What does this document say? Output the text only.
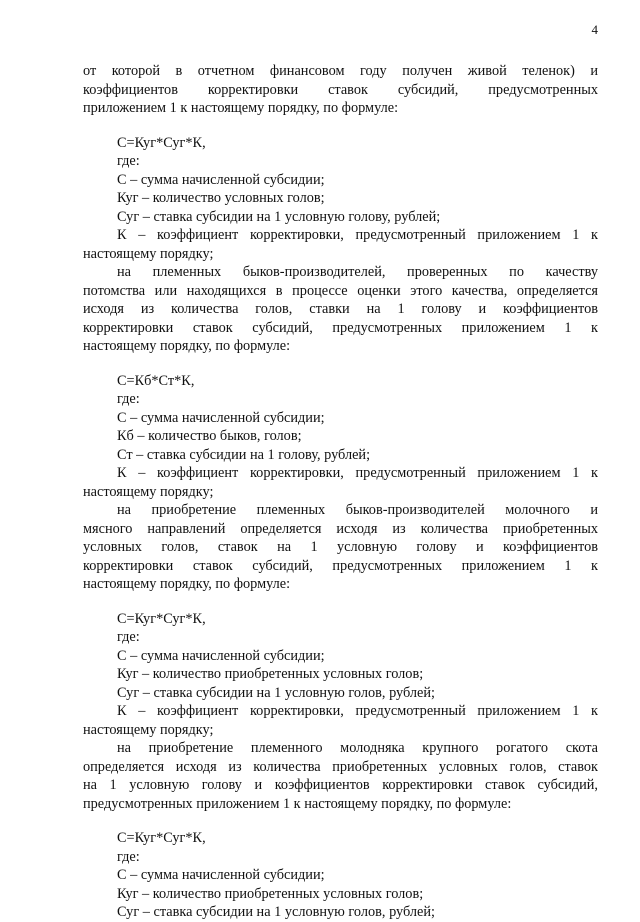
4

от которой в отчетном финансовом году получен живой теленок) и

коэффициентов корректировки ставок субсидий, предусмотренных

приложением 1 к настоящему порядку, по формуле:

С=Куг*Суг*К,

где:

С – сумма начисленной субсидии;

Куг – количество условных голов;

Суг – ставка субсидии на 1 условную голову, рублей;

К – коэффициент корректировки, предусмотренный приложением 1 к

настоящему порядку;

на племенных быков-производителей, проверенных по качеству

потомства или находящихся в процессе оценки этого качества, определяется

исходя из количества голов, ставки на 1 голову и коэффициентов

корректировки ставок субсидий, предусмотренных приложением 1 к

настоящему порядку, по формуле:

С=Кб*Ст*К,

где:

С – сумма начисленной субсидии;

Кб – количество быков, голов;

Ст – ставка субсидии на 1 голову, рублей;

К – коэффициент корректировки, предусмотренный приложением 1 к

настоящему порядку;

на приобретение племенных быков-производителей молочного и

мясного направлений определяется исходя из количества приобретенных

условных голов, ставок на 1 условную голову и коэффициентов

корректировки ставок субсидий, предусмотренных приложением 1 к

настоящему порядку, по формуле:

С=Куг*Суг*К,

где:

С – сумма начисленной субсидии;

Куг – количество приобретенных условных голов;

Суг – ставка субсидии на 1 условную голов, рублей;

К – коэффициент корректировки, предусмотренный приложением 1 к

настоящему порядку;

на приобретение племенного молодняка крупного рогатого скота

определяется исходя из количества приобретенных условных голов, ставок

на 1 условную голову и коэффициентов корректировки ставок субсидий,

предусмотренных приложением 1 к настоящему порядку, по формуле:

С=Куг*Суг*К,

где:

С – сумма начисленной субсидии;

Куг – количество приобретенных условных голов;

Суг – ставка субсидии на 1 условную голов, рублей;
